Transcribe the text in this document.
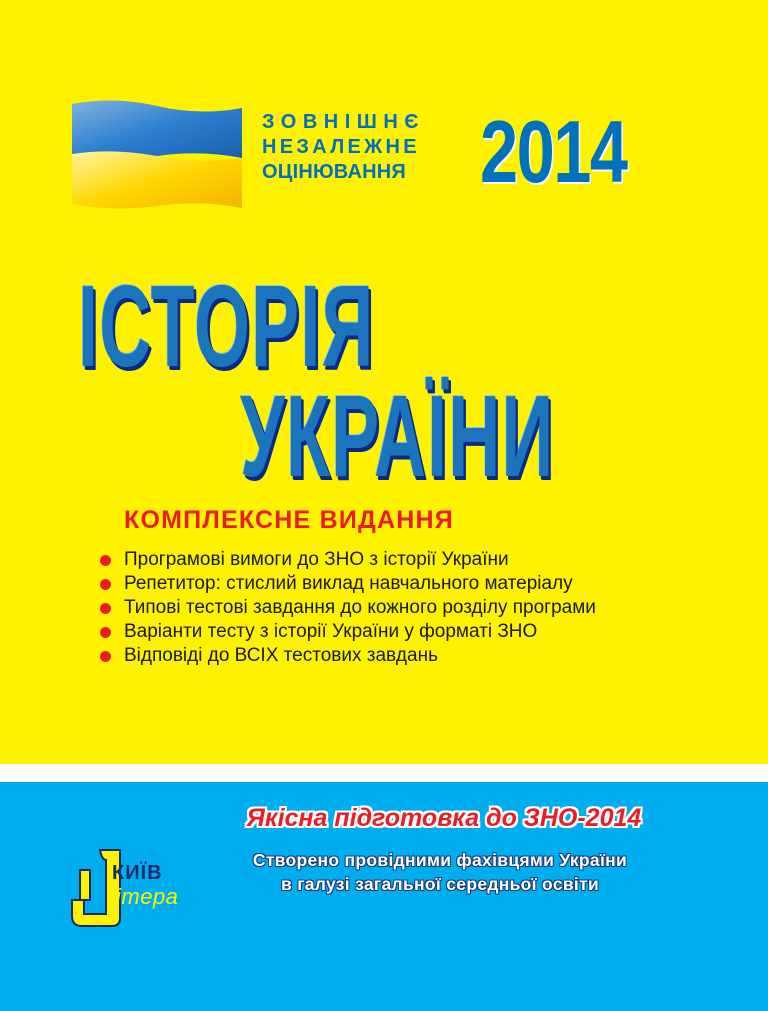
ЗОВНІШНЄ
НЕЗАЛЕЖНЕ
ОЦІНЮВАННЯ 2014
ІСТОРІЯ
УКРАЇНИ
КОМПЛЕКСНЕ ВИДАННЯ
Програмові вимоги до ЗНО з історії України
Репетитор: стислий виклад навчального матеріалу
Типові тестові завдання до кожного розділу програми
Варіанти тесту з історії України у форматі ЗНО
Відповіді до ВСІХ тестових завдань
Якісна підготовка до ЗНО-2014
Створено провідними фахівцями України
в галузі загальної середньої освіти
КИЇВ
ітера
